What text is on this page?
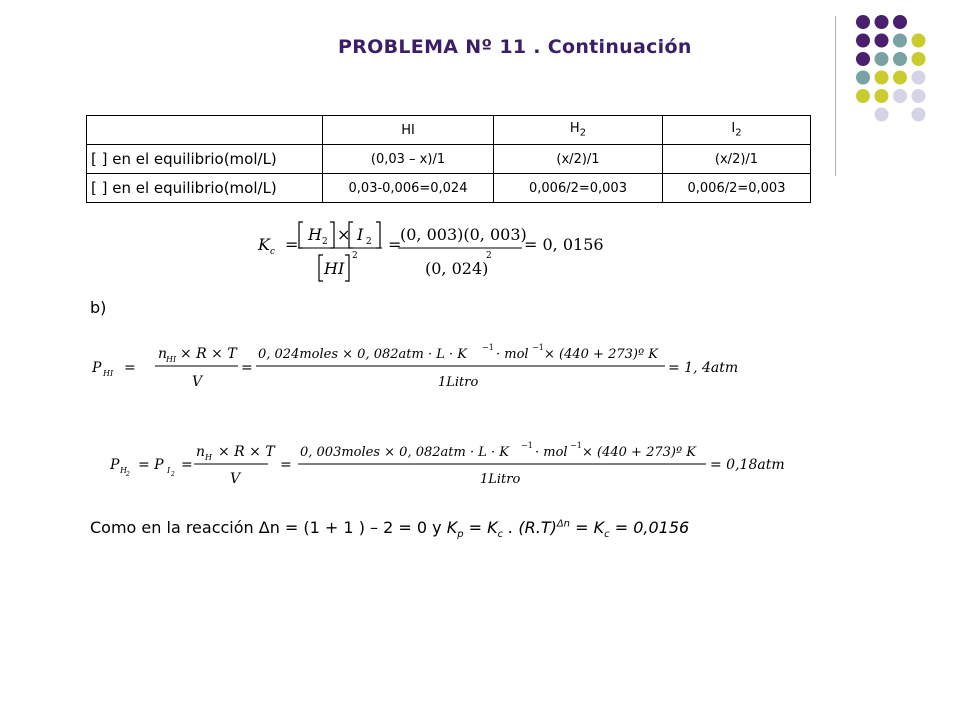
PROBLEMA Nº 11 . Continuación
	HI	$H_2$	$I_2$
[ ] en el equilibrio(mol/L)	(0,03 – x)/1	(x/2)/1	(x/2)/1
[ ] en el equilibrio(mol/L)	0,03-0,006=0,024	0,006/2=0,003	0,006/2=0,003
K c =
H 2 × I 2
HI
2
=
(0, 003)(0, 003)
(0, 024)
2
= 0, 0156
P HI =
n
HI × R × T
V
=
0, 024moles × 0, 082atm · L · K −1 · mol −1 × (440 + 273)º K
1Litro
= 1, 4atm
P H 2
= P I 2
=
n H × R × T
V
=
0, 003moles × 0, 082atm · L · K −1 · mol −1 × (440 + 273)º K
1Litro
= 0,18atm
b)
Como en la reacción Δn = (1 + 1 ) – 2 = 0 y $K_p = K_c$ . $(R.T)^{\Delta n} = K_c = 0,0156$
